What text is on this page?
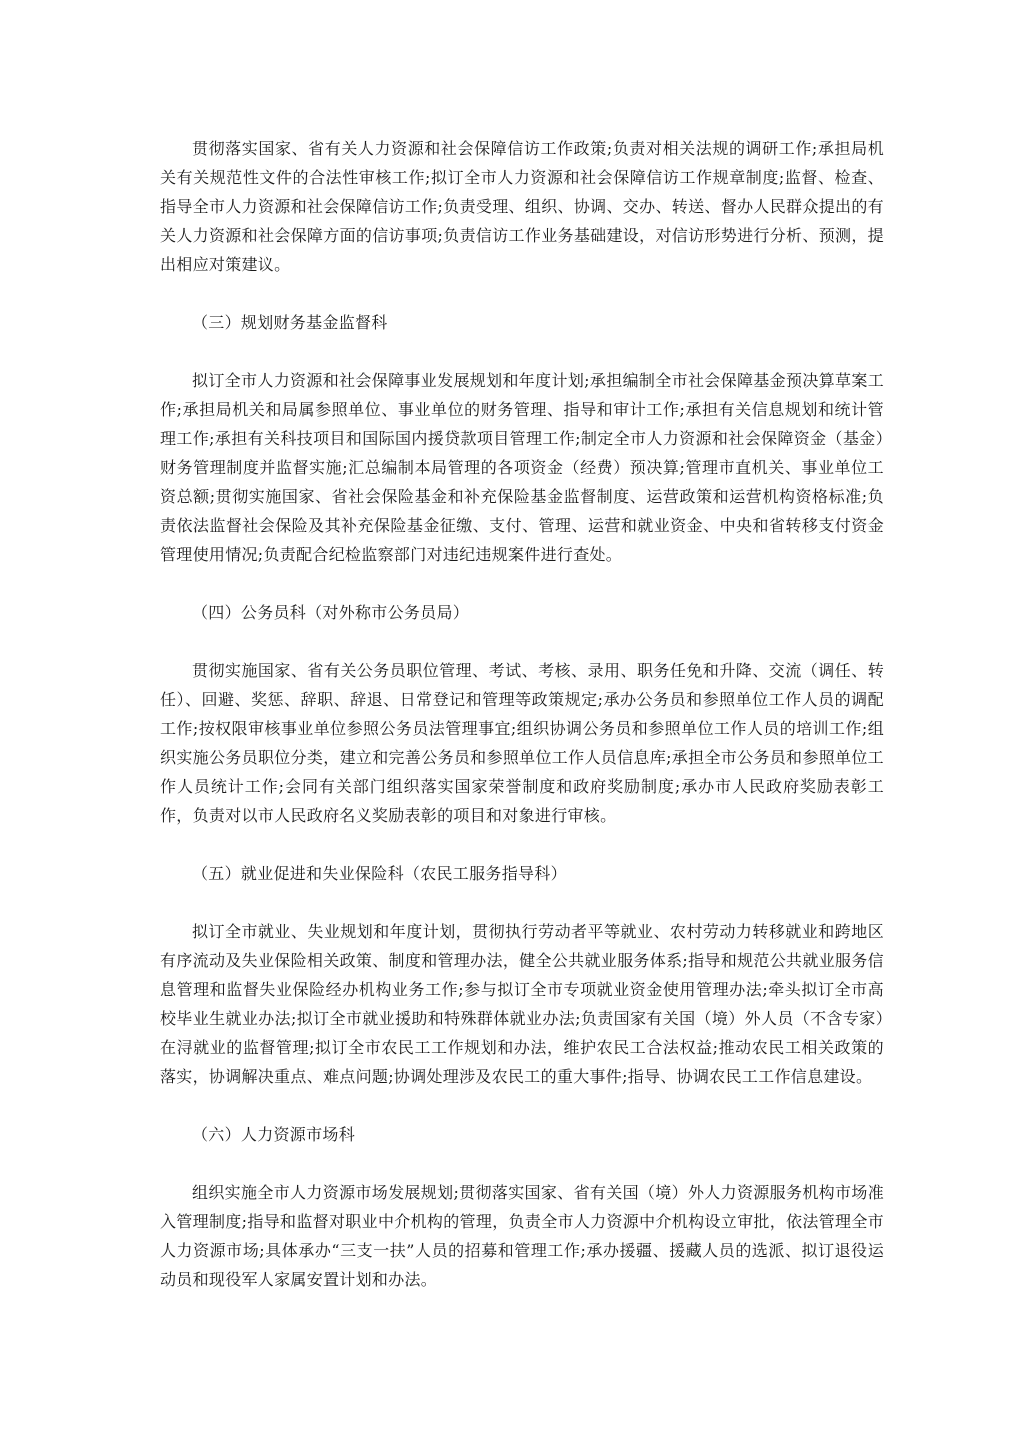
贯彻落实国家、省有关人力资源和社会保障信访工作政策;负责对相关法规的调研工作;承担局机关有关规范性文件的合法性审核工作;拟订全市人力资源和社会保障信访工作规章制度;监督、检查、指导全市人力资源和社会保障信访工作;负责受理、组织、协调、交办、转送、督办人民群众提出的有关人力资源和社会保障方面的信访事项;负责信访工作业务基础建设，对信访形势进行分析、预测，提出相应对策建议。

（三）规划财务基金监督科

拟订全市人力资源和社会保障事业发展规划和年度计划;承担编制全市社会保障基金预决算草案工作;承担局机关和局属参照单位、事业单位的财务管理、指导和审计工作;承担有关信息规划和统计管理工作;承担有关科技项目和国际国内援贷款项目管理工作;制定全市人力资源和社会保障资金（基金）财务管理制度并监督实施;汇总编制本局管理的各项资金（经费）预决算;管理市直机关、事业单位工资总额;贯彻实施国家、省社会保险基金和补充保险基金监督制度、运营政策和运营机构资格标准;负责依法监督社会保险及其补充保险基金征缴、支付、管理、运营和就业资金、中央和省转移支付资金管理使用情况;负责配合纪检监察部门对违纪违规案件进行查处。

（四）公务员科（对外称市公务员局）

贯彻实施国家、省有关公务员职位管理、考试、考核、录用、职务任免和升降、交流（调任、转任）、回避、奖惩、辞职、辞退、日常登记和管理等政策规定;承办公务员和参照单位工作人员的调配工作;按权限审核事业单位参照公务员法管理事宜;组织协调公务员和参照单位工作人员的培训工作;组织实施公务员职位分类，建立和完善公务员和参照单位工作人员信息库;承担全市公务员和参照单位工作人员统计工作;会同有关部门组织落实国家荣誉制度和政府奖励制度;承办市人民政府奖励表彰工作，负责对以市人民政府名义奖励表彰的项目和对象进行审核。

（五）就业促进和失业保险科（农民工服务指导科）

拟订全市就业、失业规划和年度计划，贯彻执行劳动者平等就业、农村劳动力转移就业和跨地区有序流动及失业保险相关政策、制度和管理办法，健全公共就业服务体系;指导和规范公共就业服务信息管理和监督失业保险经办机构业务工作;参与拟订全市专项就业资金使用管理办法;牵头拟订全市高校毕业生就业办法;拟订全市就业援助和特殊群体就业办法;负责国家有关国（境）外人员（不含专家）在浔就业的监督管理;拟订全市农民工工作规划和办法，维护农民工合法权益;推动农民工相关政策的落实，协调解决重点、难点问题;协调处理涉及农民工的重大事件;指导、协调农民工工作信息建设。

（六）人力资源市场科

组织实施全市人力资源市场发展规划;贯彻落实国家、省有关国（境）外人力资源服务机构市场准入管理制度;指导和监督对职业中介机构的管理，负责全市人力资源中介机构设立审批，依法管理全市人力资源市场;具体承办“三支一扶”人员的招募和管理工作;承办援疆、援藏人员的选派、拟订退役运动员和现役军人家属安置计划和办法。
